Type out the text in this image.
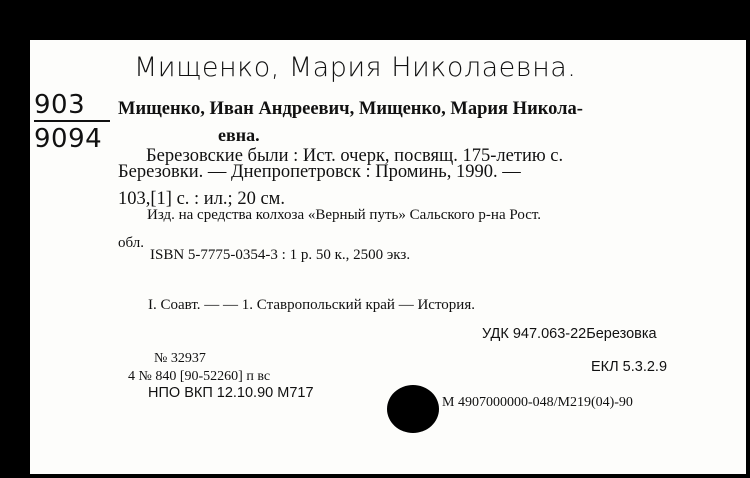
Мищенко, Мария Николаевна.
903
9094
Мищенко, Иван Андреевич, Мищенко, Мария Никола-
евна.
Березовские были : Ист. очерк, посвящ. 175-летию с.
Березовки. — Днепропетровск : Проминь, 1990. —
103,[1] с. : ил.; 20 см.
Изд. на средства колхоза «Верный путь» Сальского р-на Рост.
обл.
ISBN 5-7775-0354-3 : 1 р. 50 к., 2500 экз.
I. Соавт. — — 1. Ставропольский край — История.
УДК 947.063-22Березовка
№ 32937
ЕКЛ 5.3.2.9
4 № 840 [90-52260] п вс
НПО ВКП 12.10.90 М717
М 4907000000-048/М219(04)-90
